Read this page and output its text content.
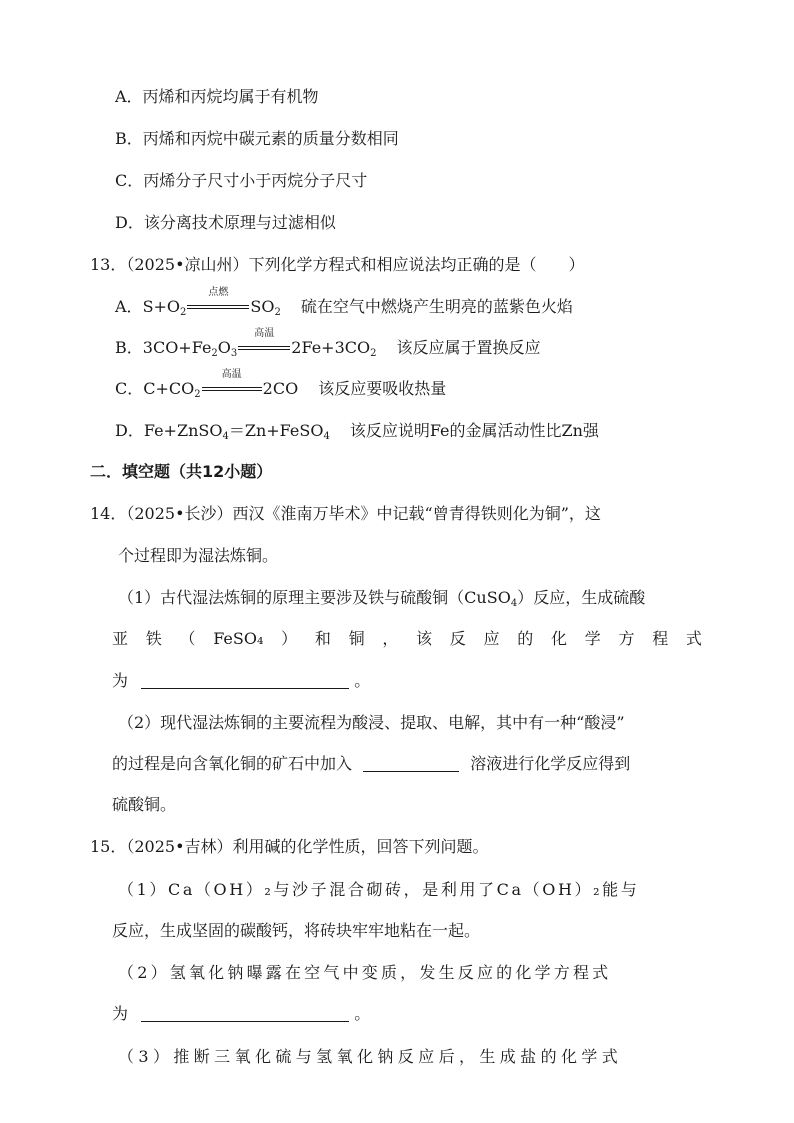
A．丙烯和丙烷均属于有机物
B．丙烯和丙烷中碳元素的质量分数相同
C．丙烯分子尺寸小于丙烷分子尺寸
D．该分离技术原理与过滤相似
13．（2025•凉山州）下列化学方程式和相应说法均正确的是（　　）
A．$S+O_2$
点燃
$SO_2$ 硫在空气中燃烧产生明亮的蓝紫色火焰
B．$3CO+Fe_2O_3$
高温
$2Fe+3CO_2$ 该反应属于置换反应
C．$C+CO_2$
高温
2CO 该反应要吸收热量
D．Fe+ZnSO$_4$＝Zn+FeSO$_4$ 该反应说明Fe的金属活动性比Zn强
二．填空题（共12小题）
14．（2025•长沙）西汉《淮南万毕术》中记载“曾青得铁则化为铜”，这
个过程即为湿法炼铜。
（1）古代湿法炼铜的原理主要涉及铁与硫酸铜（CuSO$_4$）反应，生成硫酸
亚 铁 （ FeSO₄ ） 和 铜 ， 该 反 应 的 化 学 方 程 式
为	。
（2）现代湿法炼铜的主要流程为酸浸、提取、电解，其中有一种“酸浸”
的过程是向含氧化铜的矿石中加入	溶液进行化学反应得到
硫酸铜。
15．（2025•吉林）利用碱的化学性质，回答下列问题。
（1）Ca（OH）₂与沙子混合砌砖，是利用了Ca（OH）₂能与
反应，生成坚固的碳酸钙，将砖块牢牢地粘在一起。
（2）氢氧化钠曝露在空气中变质，发生反应的化学方程式
为	。
（3）推断三氧化硫与氢氧化钠反应后，生成盐的化学式
